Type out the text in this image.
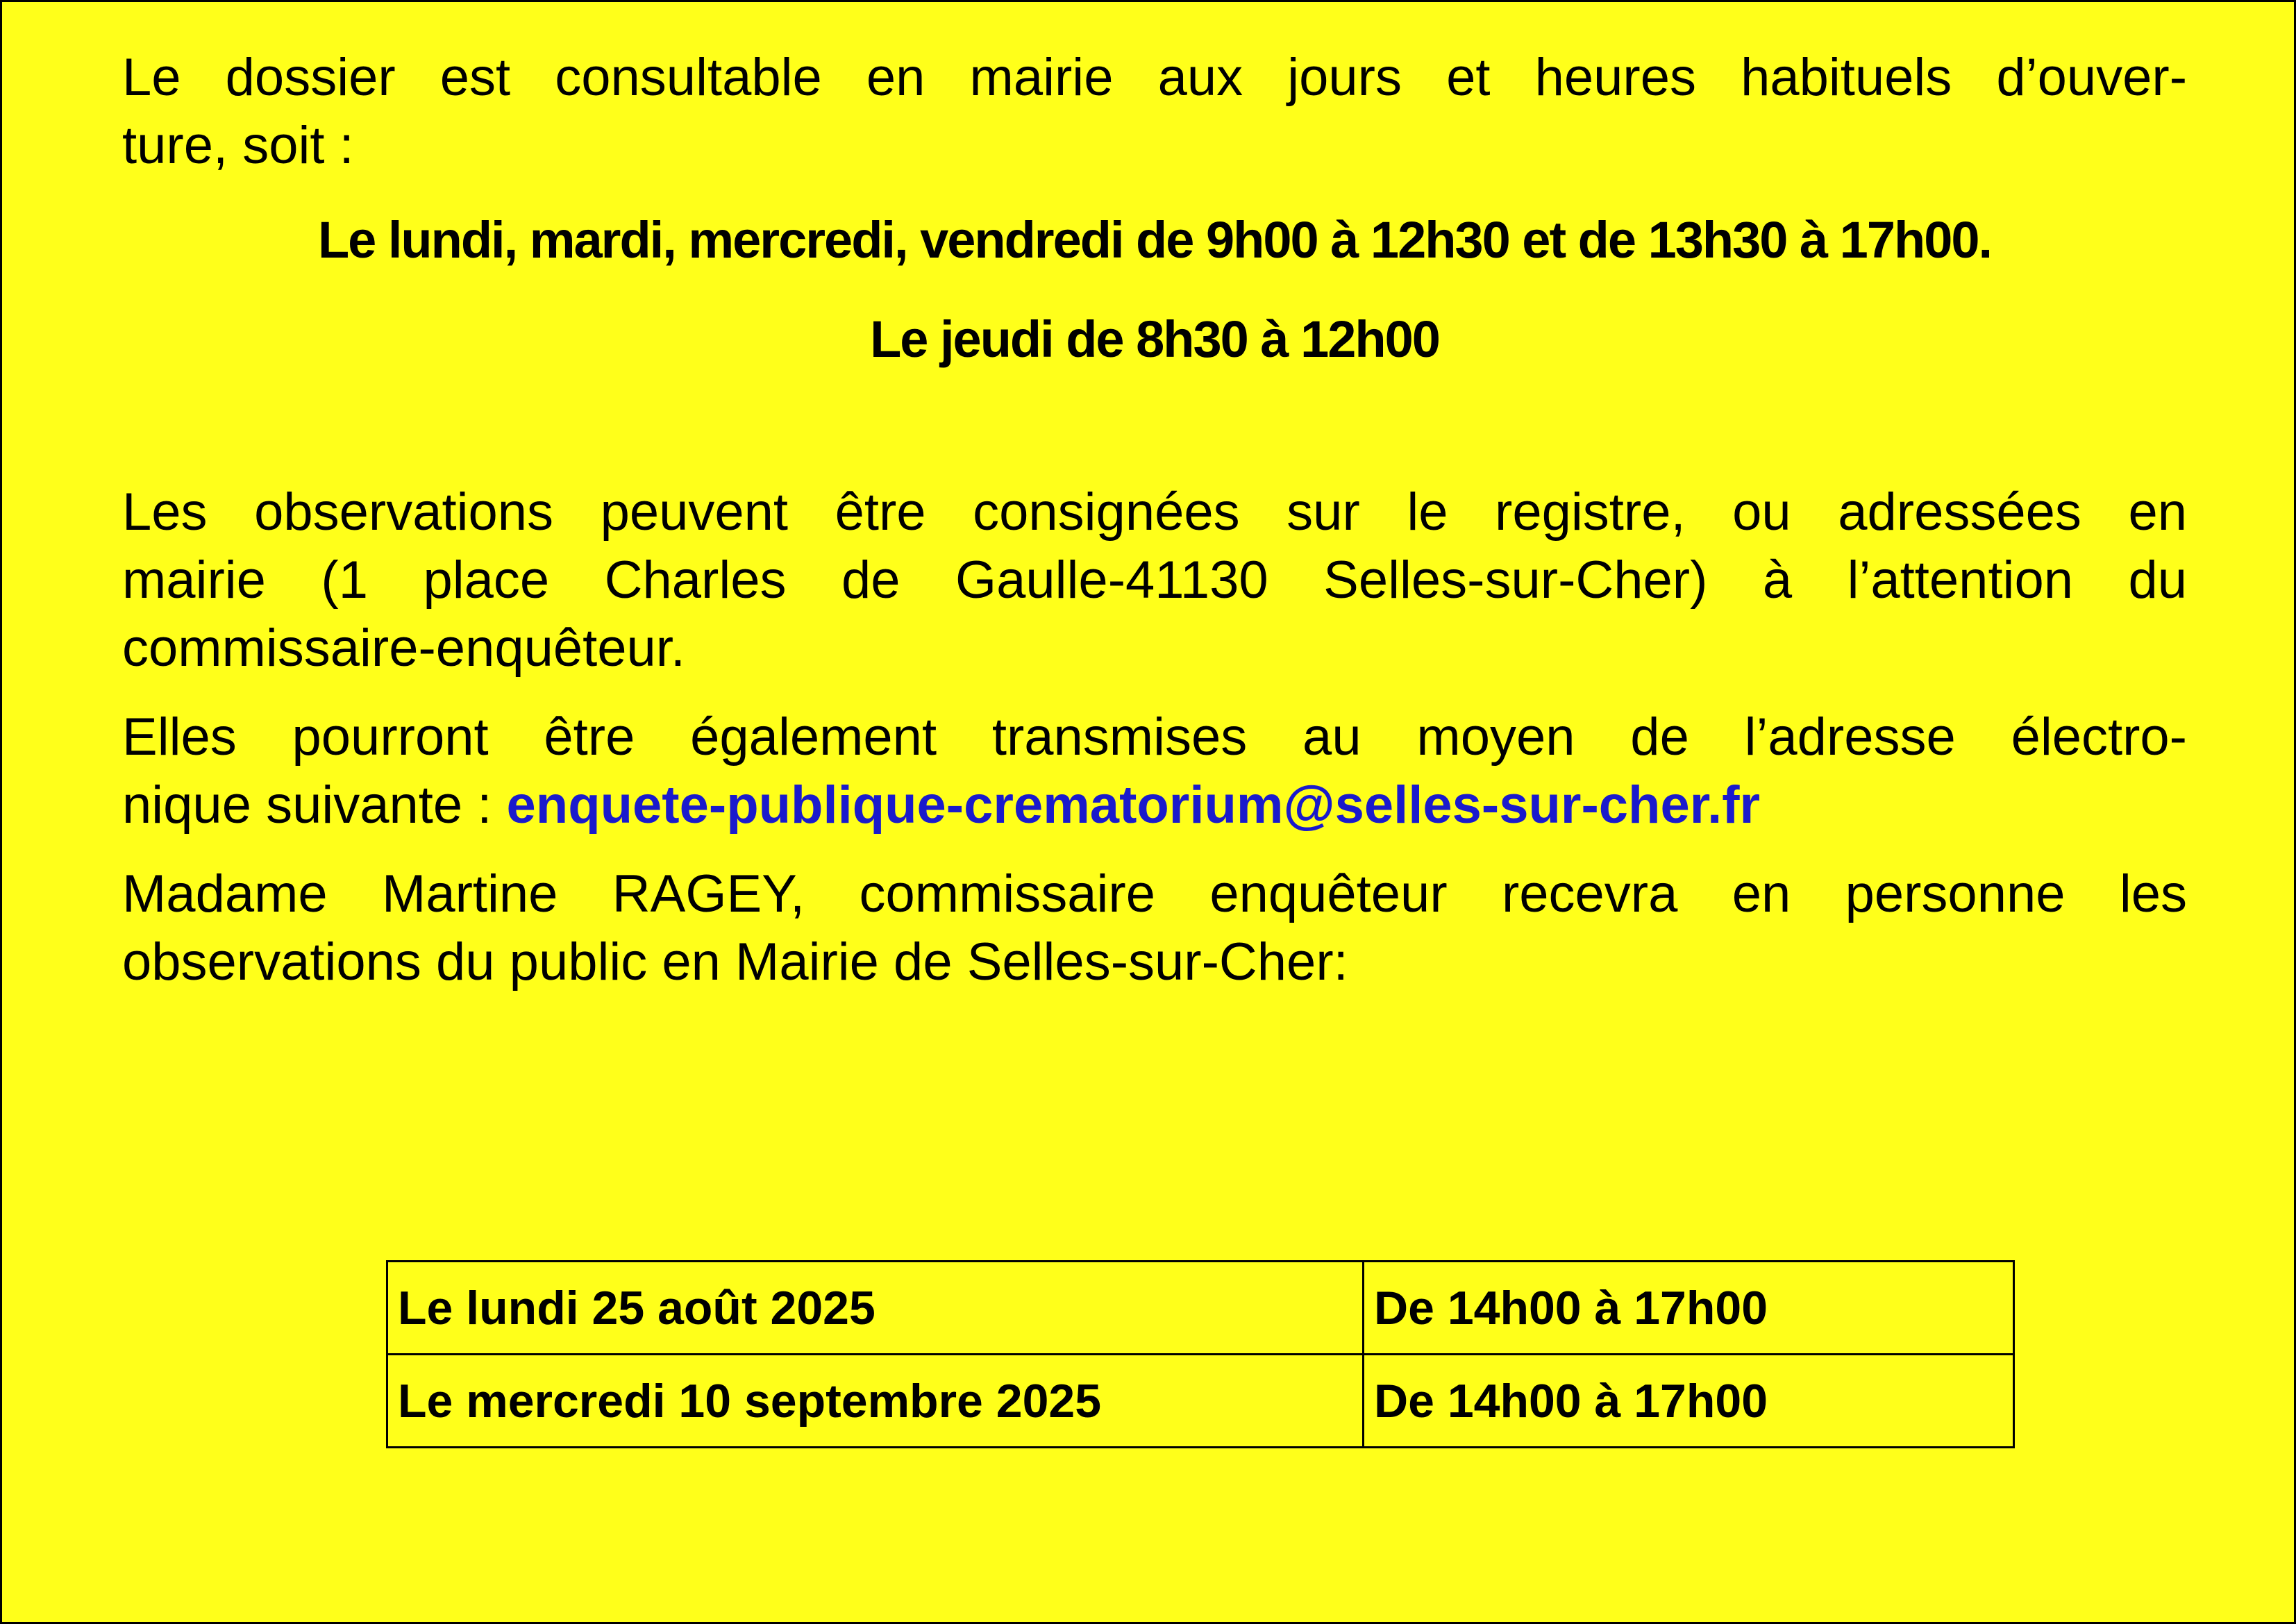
Le dossier est consultable en mairie aux jours et heures habituels d’ouver-
ture, soit :

Le lundi, mardi, mercredi, vendredi de 9h00 à 12h30 et de 13h30 à 17h00.

Le jeudi de 8h30 à 12h00

Les observations peuvent être consignées sur le registre, ou adressées en
mairie (1 place Charles de Gaulle-41130 Selles-sur-Cher) à l’attention du
commissaire-enquêteur.

Elles pourront être également transmises au moyen de l’adresse électro-
nique suivante : enquete-publique-crematorium@selles-sur-cher.fr

Madame Martine RAGEY, commissaire enquêteur recevra en personne les
observations du public en Mairie de Selles-sur-Cher:

Le lundi 25 août 2025	De 14h00 à 17h00
Le mercredi 10 septembre 2025	De 14h00 à 17h00
